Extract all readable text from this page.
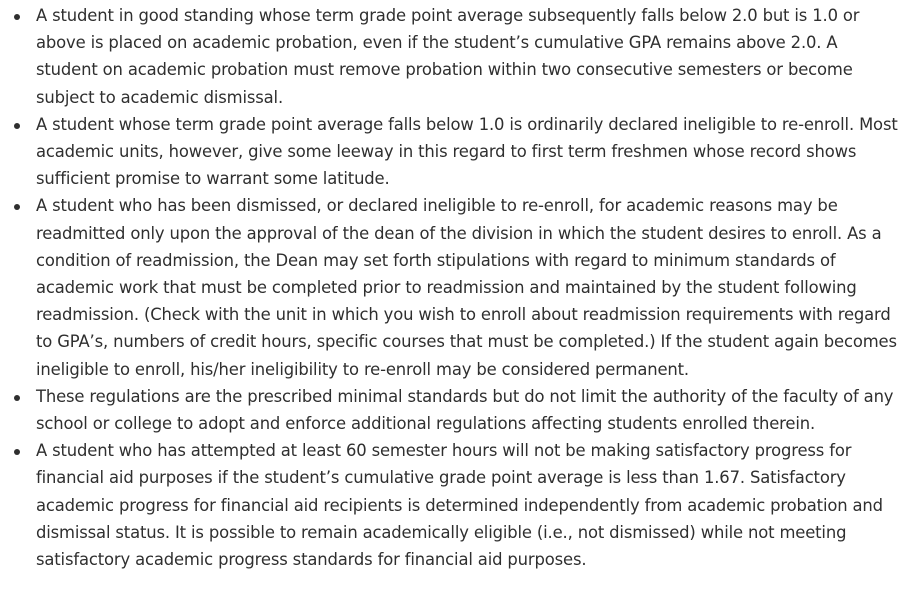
A student in good standing whose term grade point average subsequently falls below 2.0 but is 1.0 or above is placed on academic probation, even if the student’s cumulative GPA remains above 2.0. A student on academic probation must remove probation within two consecutive semesters or become subject to academic dismissal.
A student whose term grade point average falls below 1.0 is ordinarily declared ineligible to re-enroll. Most academic units, however, give some leeway in this regard to first term freshmen whose record shows sufficient promise to warrant some latitude.
A student who has been dismissed, or declared ineligible to re-enroll, for academic reasons may be readmitted only upon the approval of the dean of the division in which the student desires to enroll. As a condition of readmission, the Dean may set forth stipulations with regard to minimum standards of academic work that must be completed prior to readmission and maintained by the student following readmission. (Check with the unit in which you wish to enroll about readmission requirements with regard to GPA’s, numbers of credit hours, specific courses that must be completed.) If the student again becomes ineligible to enroll, his/her ineligibility to re-enroll may be considered permanent.
These regulations are the prescribed minimal standards but do not limit the authority of the faculty of any school or college to adopt and enforce additional regulations affecting students enrolled therein.
A student who has attempted at least 60 semester hours will not be making satisfactory progress for financial aid purposes if the student’s cumulative grade point average is less than 1.67. Satisfactory academic progress for financial aid recipients is determined independently from academic probation and dismissal status. It is possible to remain academically eligible (i.e., not dismissed) while not meeting satisfactory academic progress standards for financial aid purposes.
